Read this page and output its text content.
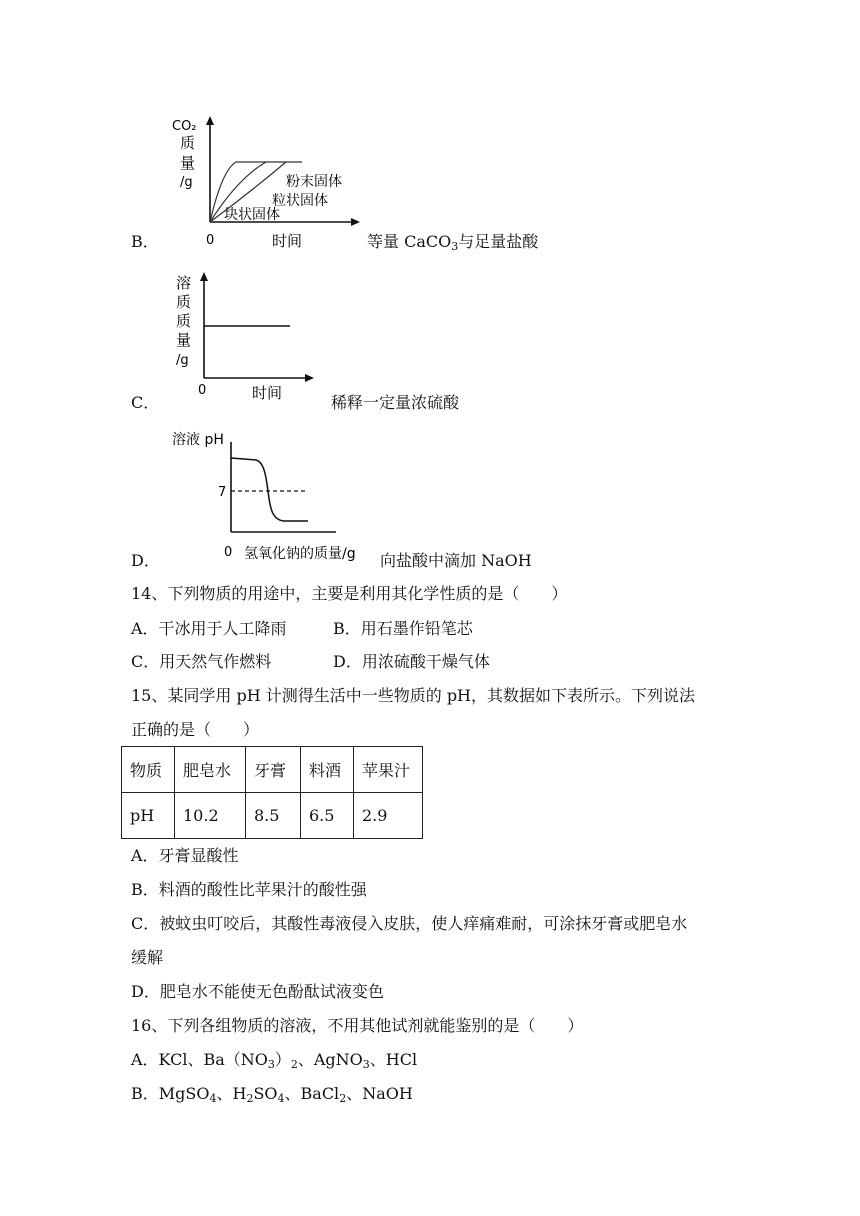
B．
CO₂
质
量
/g
0	时间
粉末固体
粒状固体
块状固体
等量 CaCO$_3$与足量盐酸
C．
溶
质
质
量
/g
0	时间	稀释一定量浓硫酸
D．
溶液 pH
7
0 氢氧化钠的质量/g 向盐酸中滴加 NaOH
14、下列物质的用途中，主要是利用其化学性质的是（　　）
A．干冰用于人工降雨	B．用石墨作铅笔芯
C．用天然气作燃料	D．用浓硫酸干燥气体
15、某同学用 pH 计测得生活中一些物质的 pH，其数据如下表所示。下列说法
正确的是（　　）
物质	肥皂水	牙膏	料酒	苹果汁
pH	10.2	8.5	6.5	2.9
A．牙膏显酸性
B．料酒的酸性比苹果汁的酸性强
C．被蚊虫叮咬后，其酸性毒液侵入皮肤，使人痒痛难耐，可涂抹牙膏或肥皂水
缓解
D．肥皂水不能使无色酚酞试液变色
16、下列各组物质的溶液，不用其他试剂就能鉴别的是（　　）
A．KCl、$Ba(NO_3)_2$、AgNO$_3$、HCl
B．MgSO$_4$、$H_2SO_4$、BaCl$_2$、NaOH
